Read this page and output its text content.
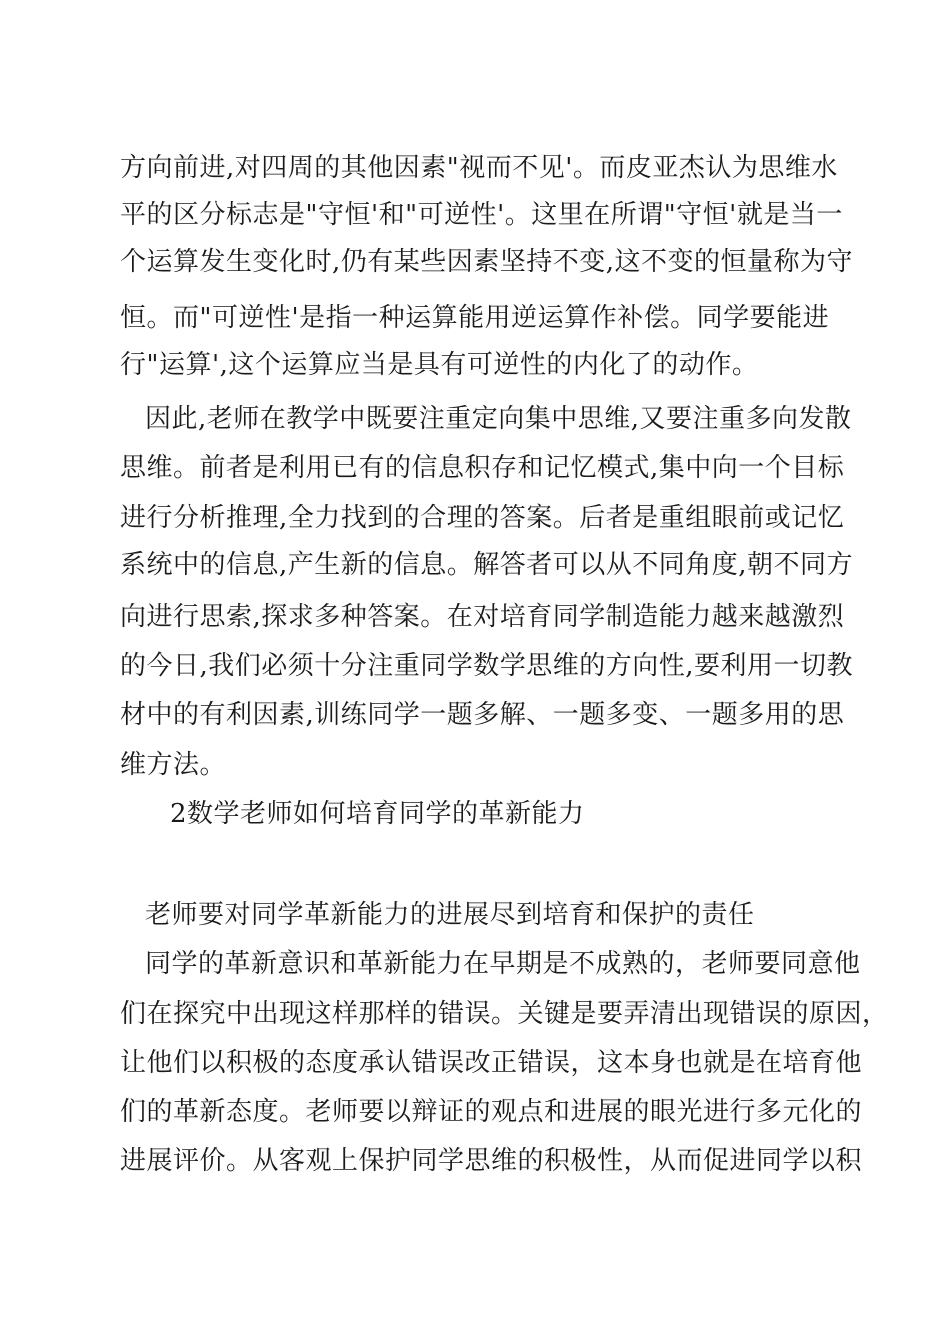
方向前进,对四周的其他因素"视而不见'。而皮亚杰认为思维水
平的区分标志是"守恒'和"可逆性'。这里在所谓"守恒'就是当一
个运算发生变化时,仍有某些因素坚持不变,这不变的恒量称为守
恒。而"可逆性'是指一种运算能用逆运算作补偿。同学要能进
行"运算',这个运算应当是具有可逆性的内化了的动作。
因此,老师在教学中既要注重定向集中思维,又要注重多向发散
思维。前者是利用已有的信息积存和记忆模式,集中向一个目标
进行分析推理,全力找到的合理的答案。后者是重组眼前或记忆
系统中的信息,产生新的信息。解答者可以从不同角度,朝不同方
向进行思索,探求多种答案。在对培育同学制造能力越来越激烈
的今日,我们必须十分注重同学数学思维的方向性,要利用一切教
材中的有利因素,训练同学一题多解、一题多变、一题多用的思
维方法。
2数学老师如何培育同学的革新能力
老师要对同学革新能力的进展尽到培育和保护的责任
同学的革新意识和革新能力在早期是不成熟的，老师要同意他
们在探究中出现这样那样的错误。关键是要弄清出现错误的原因，
让他们以积极的态度承认错误改正错误，这本身也就是在培育他
们的革新态度。老师要以辩证的观点和进展的眼光进行多元化的
进展评价。从客观上保护同学思维的积极性，从而促进同学以积
